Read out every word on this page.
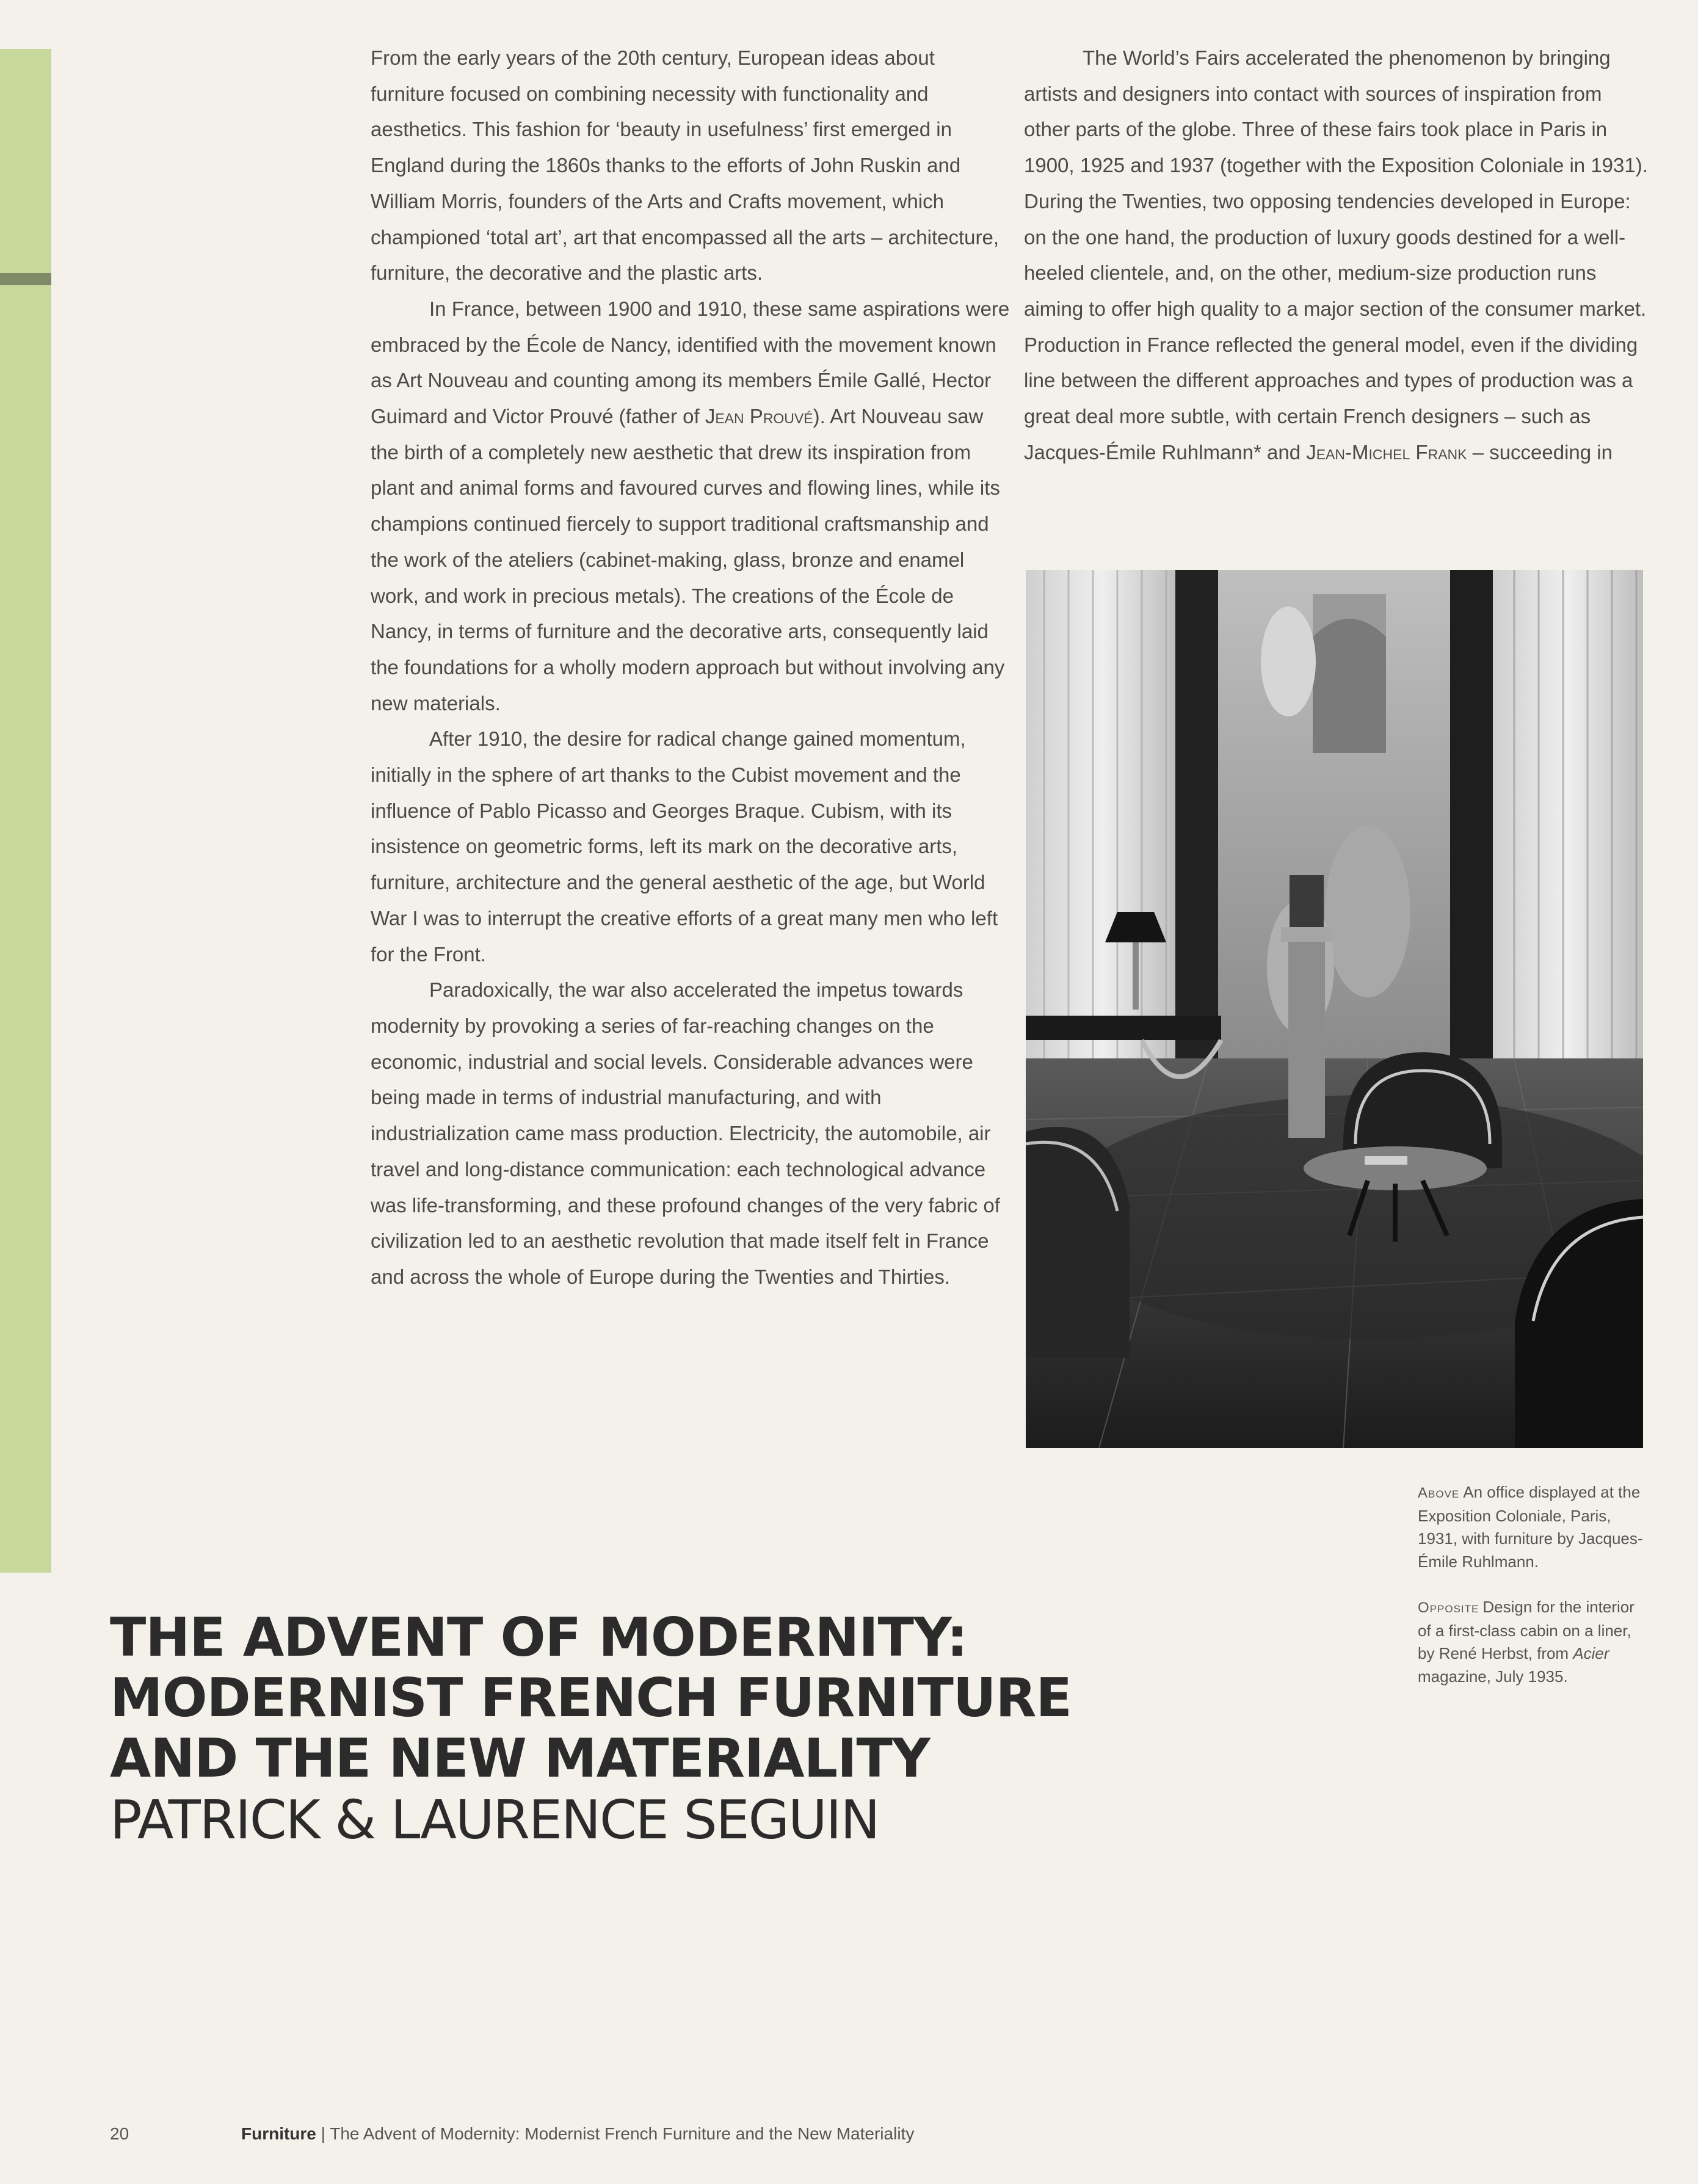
From the early years of the 20th century, European ideas about furniture focused on combining necessity with functionality and aesthetics. This fashion for ‘beauty in usefulness’ first emerged in England during the 1860s thanks to the efforts of John Ruskin and William Morris, founders of the Arts and Crafts movement, which championed ‘total art’, art that encompassed all the arts – architecture, furniture, the decorative and the plastic arts.

In France, between 1900 and 1910, these same aspirations were embraced by the École de Nancy, identified with the movement known as Art Nouveau and counting among its members Émile Gallé, Hector Guimard and Victor Prouvé (father of Jean Prouvé). Art Nouveau saw the birth of a completely new aesthetic that drew its inspiration from plant and animal forms and favoured curves and flowing lines, while its champions continued fiercely to support traditional craftsmanship and the work of the ateliers (cabinet-making, glass, bronze and enamel work, and work in precious metals). The creations of the École de Nancy, in terms of furniture and the decorative arts, consequently laid the foundations for a wholly modern approach but without involving any new materials.

After 1910, the desire for radical change gained momentum, initially in the sphere of art thanks to the Cubist movement and the influence of Pablo Picasso and Georges Braque. Cubism, with its insistence on geometric forms, left its mark on the decorative arts, furniture, architecture and the general aesthetic of the age, but World War I was to interrupt the creative efforts of a great many men who left for the Front.

Paradoxically, the war also accelerated the impetus towards modernity by provoking a series of far-reaching changes on the economic, industrial and social levels. Considerable advances were being made in terms of industrial manufacturing, and with industrialization came mass production. Electricity, the automobile, air travel and long-distance communication: each technological advance was life-transforming, and these profound changes of the very fabric of civilization led to an aesthetic revolution that made itself felt in France and across the whole of Europe during the Twenties and Thirties.

The World’s Fairs accelerated the phenomenon by bringing artists and designers into contact with sources of inspiration from other parts of the globe. Three of these fairs took place in Paris in 1900, 1925 and 1937 (together with the Exposition Coloniale in 1931). During the Twenties, two opposing tendencies developed in Europe: on the one hand, the production of luxury goods destined for a well-heeled clientele, and, on the other, medium-size production runs aiming to offer high quality to a major section of the consumer market. Production in France reflected the general model, even if the dividing line between the different approaches and types of production was a great deal more subtle, with certain French designers – such as Jacques-Émile Ruhlmann* and Jean-Michel Frank – succeeding in

Above An office displayed at the Exposition Coloniale, Paris, 1931, with furniture by Jacques-Émile Ruhlmann.
Opposite Design for the interior of a first-class cabin on a liner, by René Herbst, from Acier magazine, July 1935.
THE ADVENT OF MODERNITY:
MODERNIST FRENCH FURNITURE
AND THE NEW MATERIALITY
PATRICK & LAURENCE SEGUIN
20	Furniture | The Advent of Modernity: Modernist French Furniture and the New Materiality
